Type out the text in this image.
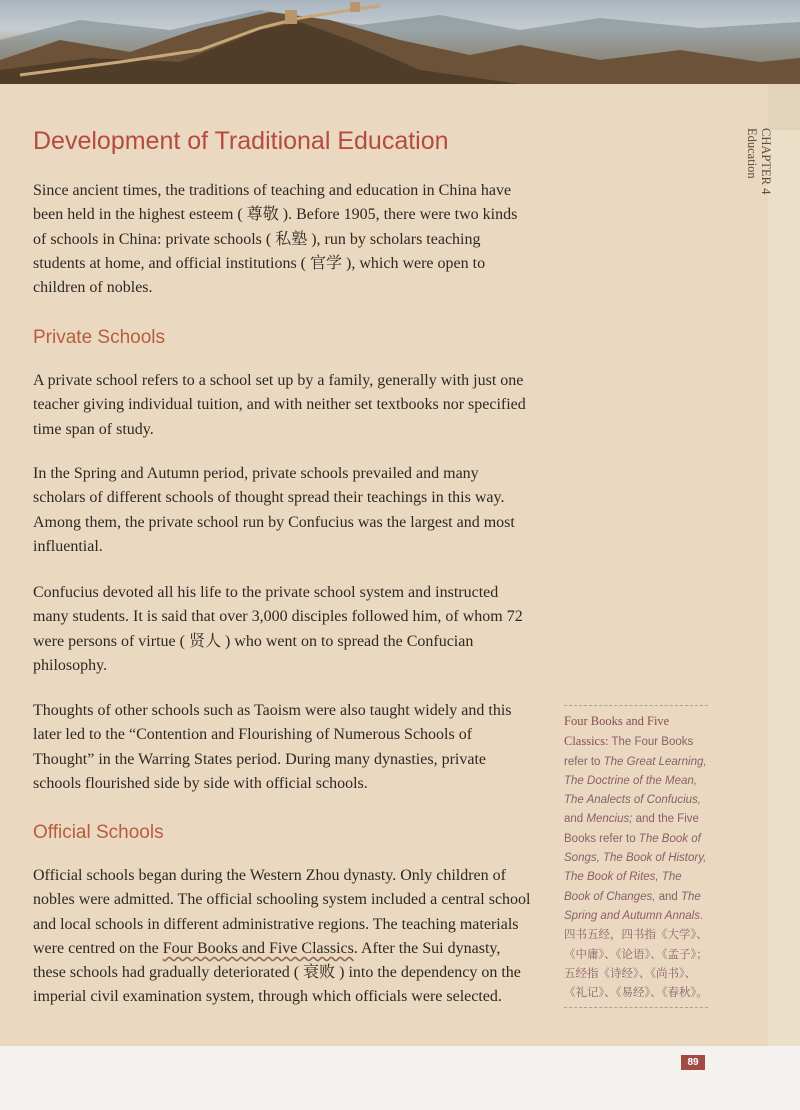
Development of Traditional Education	CHAPTER 4
Education

Since ancient times, the traditions of teaching and education in China have been held in the highest esteem ( 尊敬 ). Before 1905, there were two kinds of schools in China: private schools ( 私塾 ), run by scholars teaching students at home, and official institutions ( 官学 ), which were open to children of nobles.

Private Schools

A private school refers to a school set up by a family, generally with just one teacher giving individual tuition, and with neither set textbooks nor specified time span of study.

In the Spring and Autumn period, private schools prevailed and many scholars of different schools of thought spread their teachings in this way. Among them, the private school run by Confucius was the largest and most influential.

Confucius devoted all his life to the private school system and instructed many students. It is said that over 3,000 disciples followed him, of whom 72 were persons of virtue ( 贤人 ) who went on to spread the Confucian philosophy.

Thoughts of other schools such as Taoism were also taught widely and this later led to the “Contention and Flourishing of Numerous Schools of Thought” in the Warring States period. During many dynasties, private schools flourished side by side with official schools.

Official Schools

Official schools began during the Western Zhou dynasty. Only children of nobles were admitted. The official schooling system included a central school and local schools in different administrative regions. The teaching materials were centred on the Four Books and Five Classics. After the Sui dynasty, these schools had gradually deteriorated ( 衰败 ) into the dependency on the imperial civil examination system, through which officials were selected.

Four Books and Five Classics: The Four Books refer to The Great Learning, The Doctrine of the Mean, The Analects of Confucius, and Mencius; and the Five Books refer to The Book of Songs, The Book of History, The Book of Rites, The Book of Changes, and The Spring and Autumn Annals. 四书五经，四书指《大学》、《中庸》、《论语》、《孟子》；五经指《诗经》、《尚书》、《礼记》、《易经》、《春秋》。

89
